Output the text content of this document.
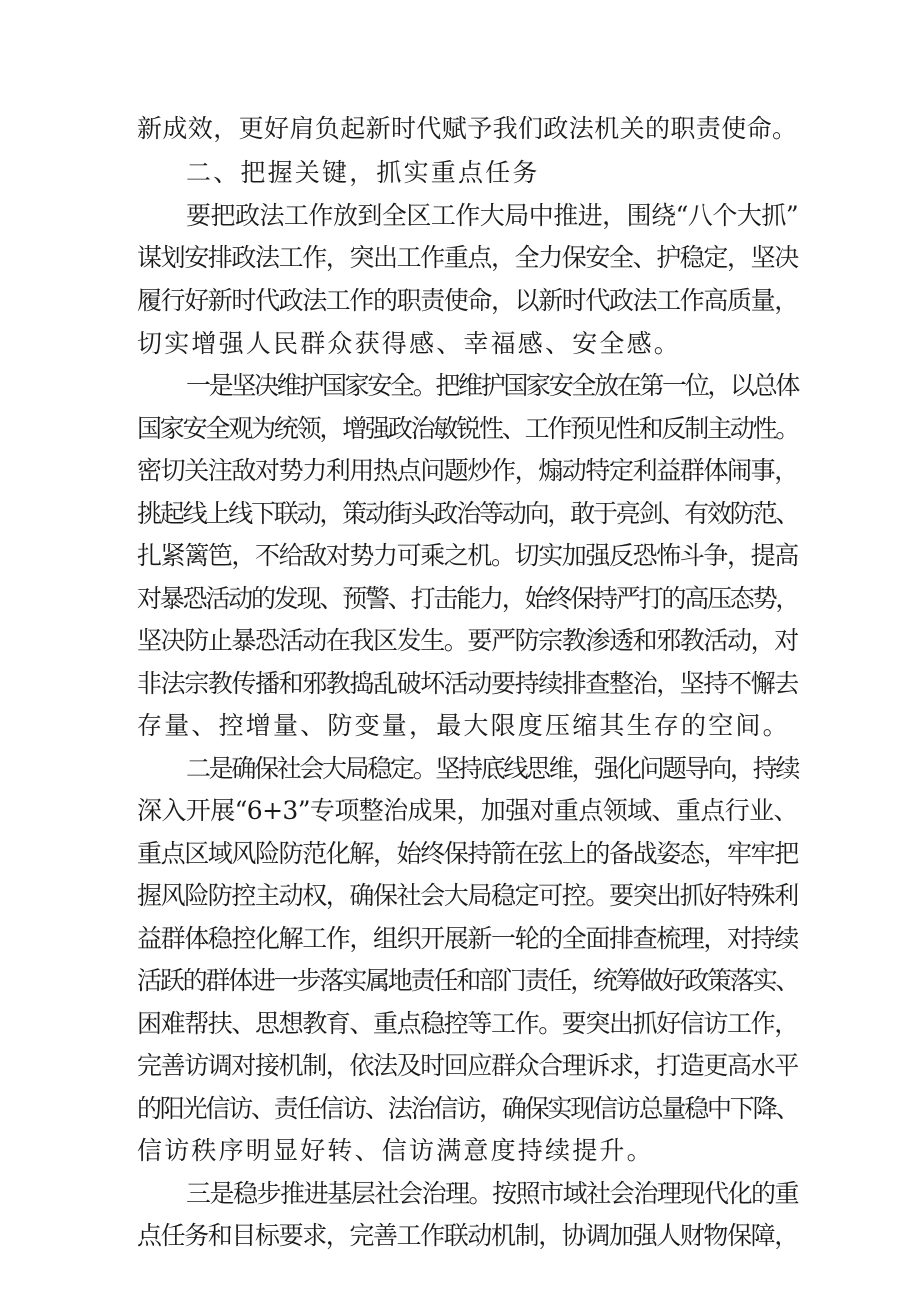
新成效，更好肩负起新时代赋予我们政法机关的职责使命。
二、把握关键，抓实重点任务
要把政法工作放到全区工作大局中推进，围绕“八个大抓”
谋划安排政法工作，突出工作重点，全力保安全、护稳定，坚决
履行好新时代政法工作的职责使命，以新时代政法工作高质量，
切实增强人民群众获得感、幸福感、安全感。
一是坚决维护国家安全。把维护国家安全放在第一位，以总体
国家安全观为统领，增强政治敏锐性、工作预见性和反制主动性。
密切关注敌对势力利用热点问题炒作，煽动特定利益群体闹事，
挑起线上线下联动，策动街头政治等动向，敢于亮剑、有效防范、
扎紧篱笆，不给敌对势力可乘之机。切实加强反恐怖斗争，提高
对暴恐活动的发现、预警、打击能力，始终保持严打的高压态势，
坚决防止暴恐活动在我区发生。要严防宗教渗透和邪教活动，对
非法宗教传播和邪教捣乱破坏活动要持续排查整治，坚持不懈去
存量、控增量、防变量，最大限度压缩其生存的空间。
二是确保社会大局稳定。坚持底线思维，强化问题导向，持续
深入开展“6+3”专项整治成果，加强对重点领域、重点行业、
重点区域风险防范化解，始终保持箭在弦上的备战姿态，牢牢把
握风险防控主动权，确保社会大局稳定可控。要突出抓好特殊利
益群体稳控化解工作，组织开展新一轮的全面排查梳理，对持续
活跃的群体进一步落实属地责任和部门责任，统筹做好政策落实、
困难帮扶、思想教育、重点稳控等工作。要突出抓好信访工作，
完善访调对接机制，依法及时回应群众合理诉求，打造更高水平
的阳光信访、责任信访、法治信访，确保实现信访总量稳中下降、
信访秩序明显好转、信访满意度持续提升。
三是稳步推进基层社会治理。按照市域社会治理现代化的重
点任务和目标要求，完善工作联动机制，协调加强人财物保障，
